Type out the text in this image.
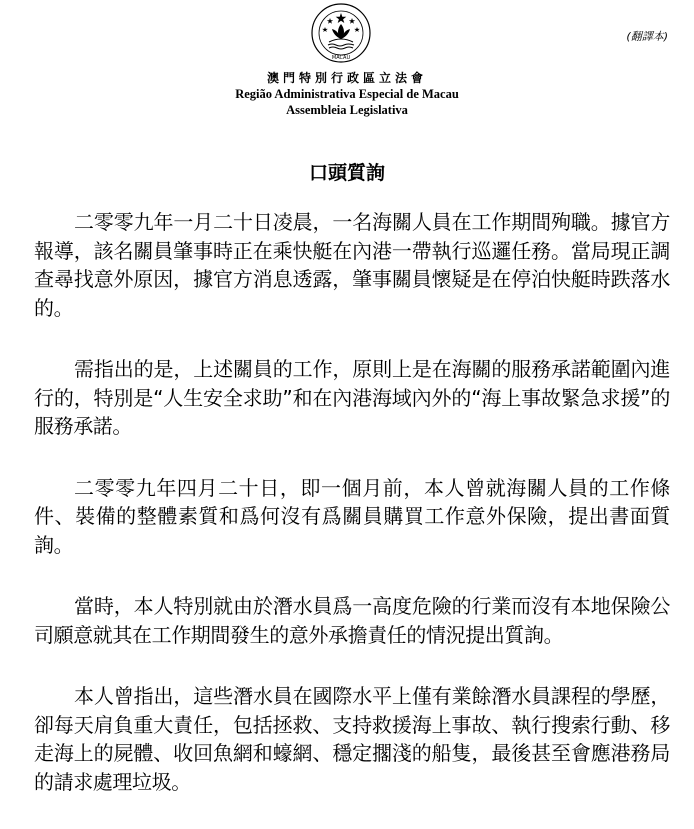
MACAU
(翻譯本)
澳門特別行政區立法會
Região Administrativa Especial de Macau
Assembleia Legislativa
口頭質詢

二零零九年一月二十日凌晨，一名海關人員在工作期間殉職。據官方報導，該名關員肇事時正在乘快艇在內港一帶執行巡邏任務。當局現正調查尋找意外原因，據官方消息透露，肇事關員懷疑是在停泊快艇時跌落水的。

需指出的是，上述關員的工作，原則上是在海關的服務承諾範圍內進行的，特別是“人生安全求助”和在內港海域內外的“海上事故緊急求援”的服務承諾。

二零零九年四月二十日，即一個月前，本人曾就海關人員的工作條件、裝備的整體素質和爲何沒有爲關員購買工作意外保險，提出書面質詢。

當時，本人特別就由於潛水員爲一高度危險的行業而沒有本地保險公司願意就其在工作期間發生的意外承擔責任的情況提出質詢。

本人曾指出，這些潛水員在國際水平上僅有業餘潛水員課程的學歷，卻每天肩負重大責任，包括拯救、支持救援海上事故、執行搜索行動、移走海上的屍體、收回魚網和蠔網、穩定擱淺的船隻，最後甚至會應港務局的請求處理垃圾。
